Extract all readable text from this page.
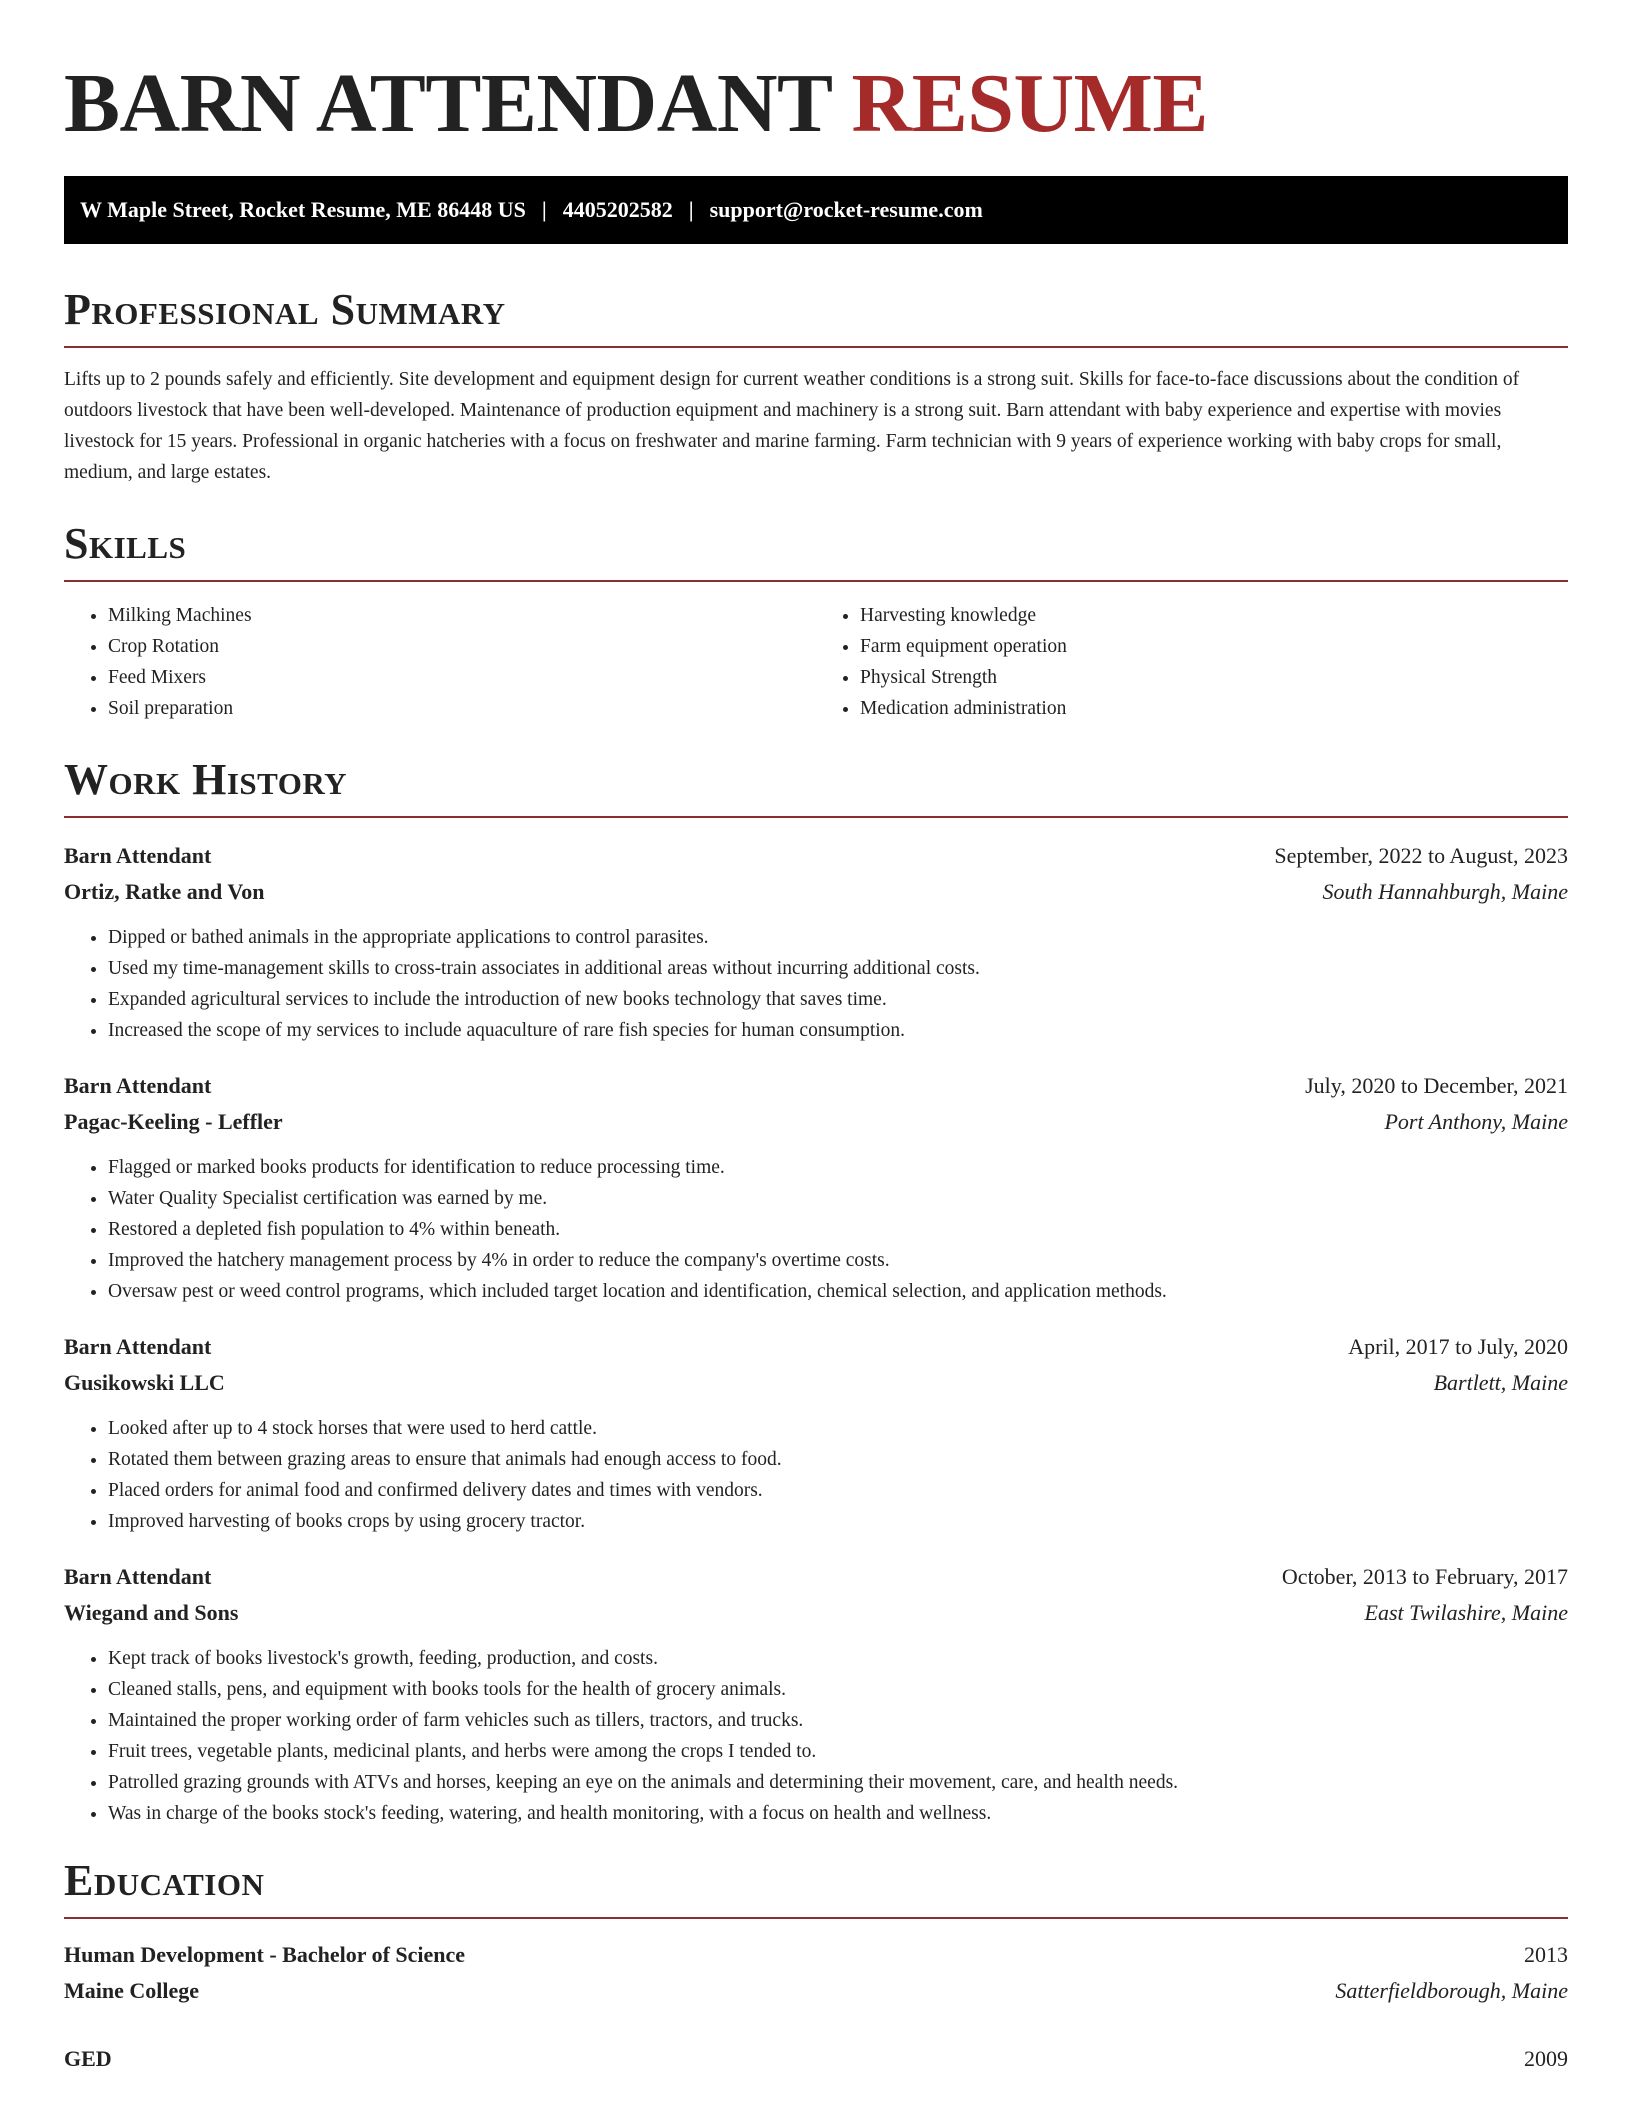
BARN ATTENDANT RESUME
W Maple Street, Rocket Resume, ME 86448 US | 4405202582 | support@rocket-resume.com
Professional Summary

Lifts up to 2 pounds safely and efficiently. Site development and equipment design for current weather conditions is a strong suit. Skills for face-to-face discussions about the condition of outdoors livestock that have been well-developed. Maintenance of production equipment and machinery is a strong suit. Barn attendant with baby experience and expertise with movies livestock for 15 years. Professional in organic hatcheries with a focus on freshwater and marine farming. Farm technician with 9 years of experience working with baby crops for small, medium, and large estates.

Skills
• Milking Machines
• Crop Rotation
• Feed Mixers
• Soil preparation
• Harvesting knowledge
• Farm equipment operation
• Physical Strength
• Medication administration
Work History
Barn Attendant	September, 2022 to August, 2023
Ortiz, Ratke and Von	South Hannahburgh, Maine
• Dipped or bathed animals in the appropriate applications to control parasites.
• Used my time-management skills to cross-train associates in additional areas without incurring additional costs.
• Expanded agricultural services to include the introduction of new books technology that saves time.
• Increased the scope of my services to include aquaculture of rare fish species for human consumption.
Barn Attendant	July, 2020 to December, 2021
Pagac-Keeling - Leffler	Port Anthony, Maine
• Flagged or marked books products for identification to reduce processing time.
• Water Quality Specialist certification was earned by me.
• Restored a depleted fish population to 4% within beneath.
• Improved the hatchery management process by 4% in order to reduce the company's overtime costs.
• Oversaw pest or weed control programs, which included target location and identification, chemical selection, and application methods.
Barn Attendant	April, 2017 to July, 2020
Gusikowski LLC	Bartlett, Maine
• Looked after up to 4 stock horses that were used to herd cattle.
• Rotated them between grazing areas to ensure that animals had enough access to food.
• Placed orders for animal food and confirmed delivery dates and times with vendors.
• Improved harvesting of books crops by using grocery tractor.
Barn Attendant	October, 2013 to February, 2017
Wiegand and Sons	East Twilashire, Maine
• Kept track of books livestock's growth, feeding, production, and costs.
• Cleaned stalls, pens, and equipment with books tools for the health of grocery animals.
• Maintained the proper working order of farm vehicles such as tillers, tractors, and trucks.
• Fruit trees, vegetable plants, medicinal plants, and herbs were among the crops I tended to.
• Patrolled grazing grounds with ATVs and horses, keeping an eye on the animals and determining their movement, care, and health needs.
• Was in charge of the books stock's feeding, watering, and health monitoring, with a focus on health and wellness.
Education
Human Development - Bachelor of Science	2013
Maine College	Satterfieldborough, Maine
GED	2009
